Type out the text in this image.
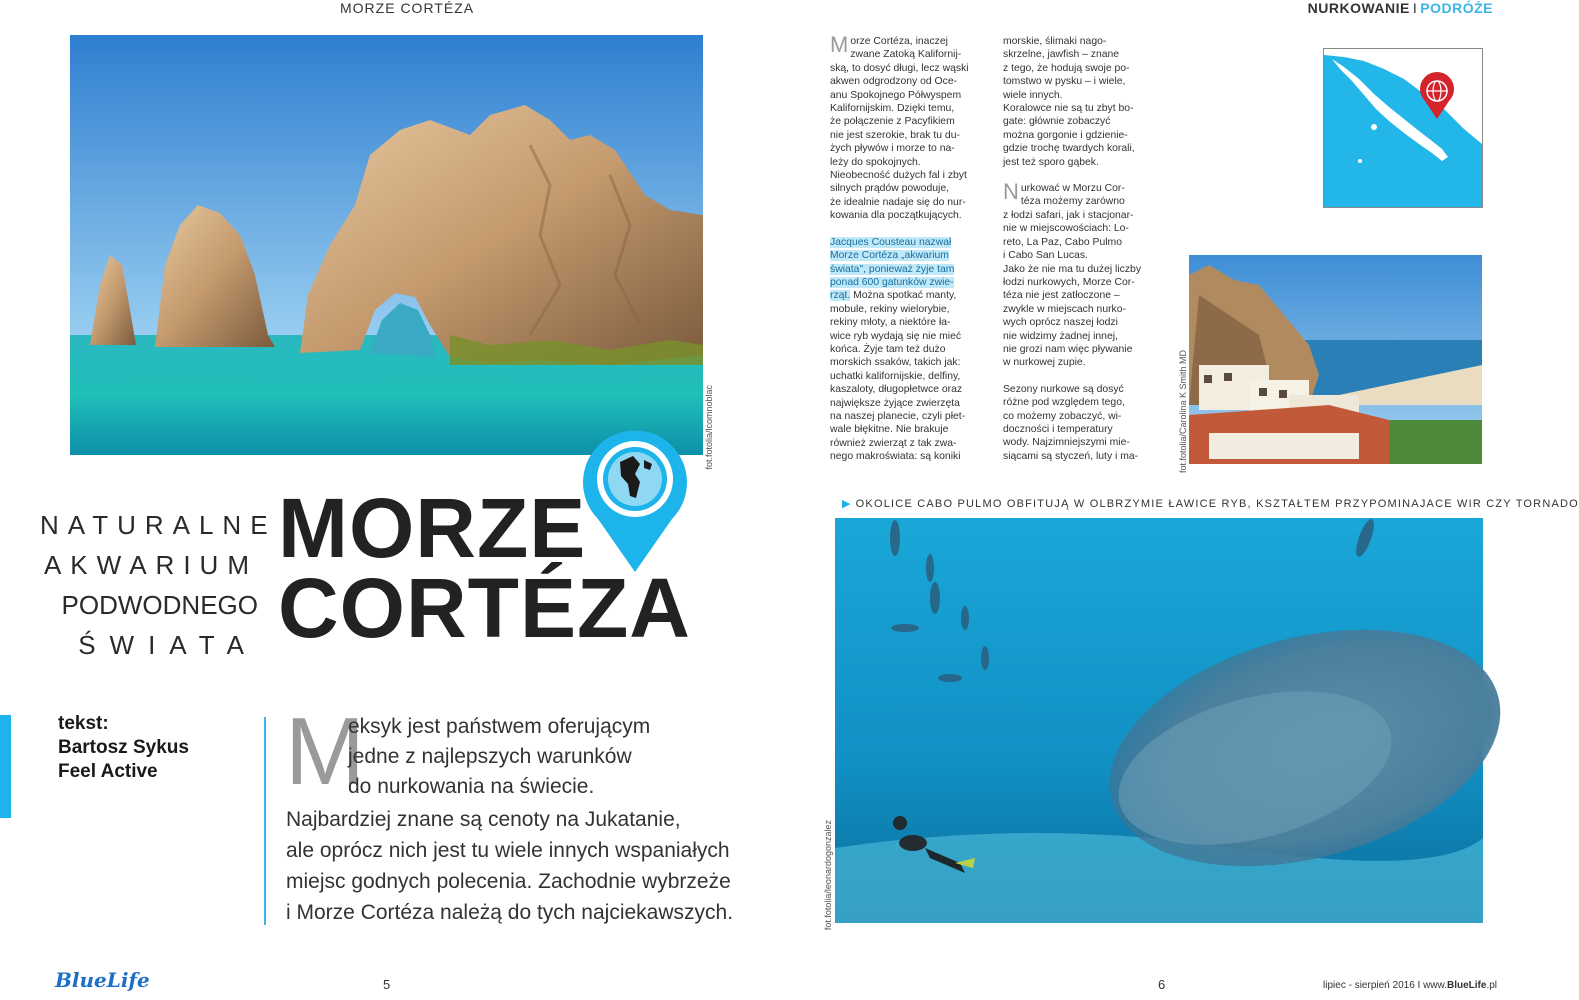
MORZE CORTÉZA	NURKOWANIE I PODRÓŻE
fot.fotolia/lcomnoblac
NATURALNE
AKWARIUM
PODWODNEGO
ŚWIATA
MORZE
CORTÉZA
tekst:
Bartosz Sykus
Feel Active	M
eksyk jest państwem oferującym
jedne z najlepszych warunków
do nurkowania na świecie.
Najbardziej znane są cenoty na Jukatanie,
ale oprócz nich jest tu wiele innych wspaniałych
miejsc godnych polecenia. Zachodnie wybrzeże
i Morze Cortéza należą do tych najciekawszych.
M orze Cortéza, inaczej
zwane Zatoką Kalifornij-
ską, to dosyć długi, lecz wąski
akwen odgrodzony od Oce-
anu Spokojnego Półwyspem
Kalifornijskim. Dzięki temu,
że połączenie z Pacyfikiem
nie jest szerokie, brak tu du-
żych pływów i morze to na-
leży do spokojnych.
Nieobecność dużych fal i zbyt
silnych prądów powoduje,
że idealnie nadaje się do nur-
kowania dla początkujących.
Jacques Cousteau nazwał
Morze Cortéza „akwarium
świata", ponieważ żyje tam
ponad 600 gatunków zwie-
rząt. Można spotkać manty,
mobule, rekiny wielorybie,
rekiny młoty, a niektóre ła-
wice ryb wydają się nie mieć
końca. Żyje tam też dużo
morskich ssaków, takich jak:
uchatki kalifornijskie, delfiny,
kaszaloty, długopłetwce oraz
największe żyjące zwierzęta
na naszej planecie, czyli płet-
wale błękitne. Nie brakuje
również zwierząt z tak zwa-
nego makroświata: są koniki
morskie, ślimaki nago-
skrzelne, jawfish – znane
z tego, że hodują swoje po-
tomstwo w pysku – i wiele,
wiele innych.
Koralowce nie są tu zbyt bo-
gate: głównie zobaczyć
można gorgonie i gdzienie-
gdzie trochę twardych korali,
jest też sporo gąbek.
N urkować w Morzu Cor-
téza możemy zarówno
z łodzi safari, jak i stacjonar-
nie w miejscowościach: Lo-
reto, La Paz, Cabo Pulmo
i Cabo San Lucas.
Jako że nie ma tu dużej liczby
łodzi nurkowych, Morze Cor-
téza nie jest zatłoczone –
zwykle w miejscach nurko-
wych oprócz naszej łodzi
nie widzimy żadnej innej,
nie grozi nam więc pływanie
w nurkowej zupie.
Sezony nurkowe są dosyć
różne pod względem tego,
co możemy zobaczyć, wi-
doczności i temperatury
wody. Najzimniejszymi mie-
siącami są styczeń, luty i ma-	fot.fotolia/Carolina K Smith MD
▶ OKOLICE CABO PULMO OBFITUJĄ W OLBRZYMIE ŁAWICE RYB, KSZTAŁTEM PRZYPOMINAJACE WIR CZY TORNADO
fot.fotolia/leonardogonzalez
BlueLife	5	6	lipiec - sierpień 2016 I www.BlueLife.pl
